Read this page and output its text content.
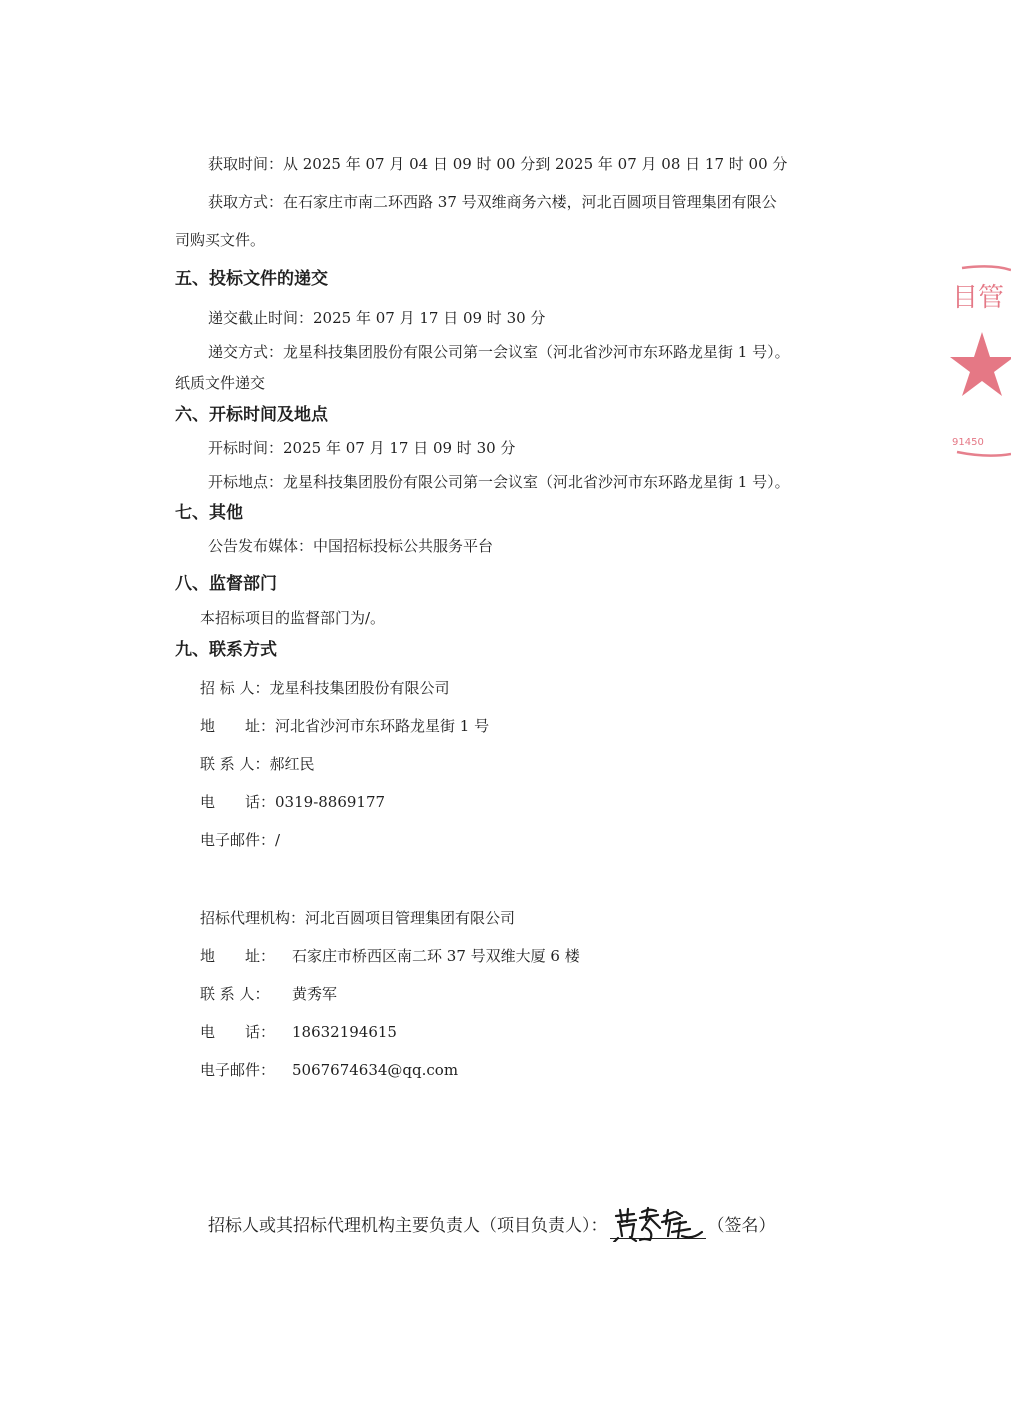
获取时间：从 2025 年 07 月 04 日 09 时 00 分到 2025 年 07 月 08 日 17 时 00 分
获取方式：在石家庄市南二环西路 37 号双维商务六楼，河北百圆项目管理集团有限公
司购买文件。
五、投标文件的递交
递交截止时间：2025 年 07 月 17 日 09 时 30 分
递交方式：龙星科技集团股份有限公司第一会议室（河北省沙河市东环路龙星街 1 号）。
纸质文件递交
六、开标时间及地点
开标时间：2025 年 07 月 17 日 09 时 30 分
开标地点：龙星科技集团股份有限公司第一会议室（河北省沙河市东环路龙星街 1 号）。
七、其他
公告发布媒体：中国招标投标公共服务平台
八、监督部门
本招标项目的监督部门为/。
九、联系方式
招 标 人：龙星科技集团股份有限公司
地　　址：河北省沙河市东环路龙星街 1 号
联 系 人：郝红民
电　　话：0319-8869177
电子邮件：/
招标代理机构：河北百圆项目管理集团有限公司
地　　址： 石家庄市桥西区南二环 37 号双维大厦 6 楼
联 系 人： 黄秀军
电　　话： 18632194615
电子邮件： 5067674634@qq.com
招标人或其招标代理机构主要负责人（项目负责人）：	（签名）
目管
91450
